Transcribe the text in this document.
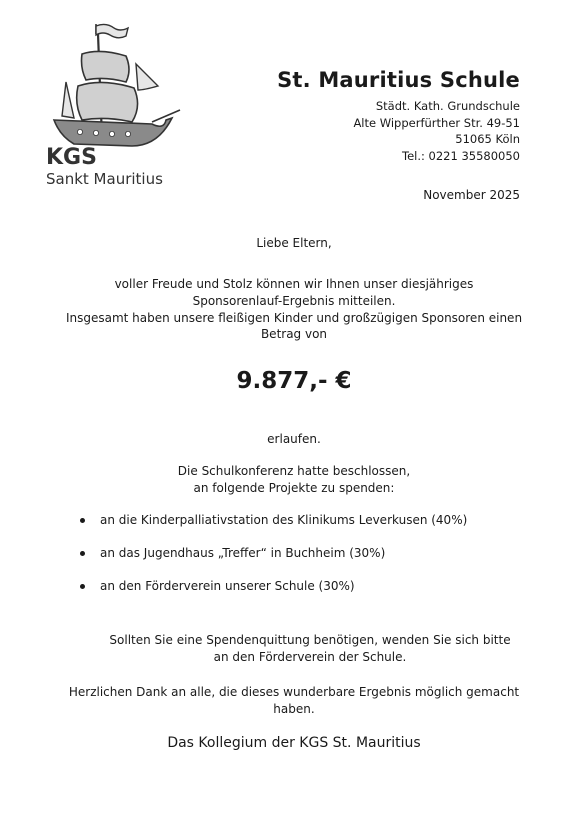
KGS
Sankt Mauritius
St. Mauritius Schule
Städt. Kath. Grundschule
Alte Wipperfürther Str. 49-51
51065 Köln
Tel.: 0221 35580050
November 2025
Liebe Eltern,
voller Freude und Stolz können wir Ihnen unser diesjähriges
Sponsorenlauf-Ergebnis mitteilen.
Insgesamt haben unsere fleißigen Kinder und großzügigen Sponsoren einen
Betrag von
9.877,- €
erlaufen.
Die Schulkonferenz hatte beschlossen,
an folgende Projekte zu spenden:
an die Kinderpalliativstation des Klinikums Leverkusen (40%)
an das Jugendhaus „Treffer“ in Buchheim (30%)
an den Förderverein unserer Schule (30%)
Sollten Sie eine Spendenquittung benötigen, wenden Sie sich bitte
an den Förderverein der Schule.
Herzlichen Dank an alle, die dieses wunderbare Ergebnis möglich gemacht
haben.
Das Kollegium der KGS St. Mauritius
